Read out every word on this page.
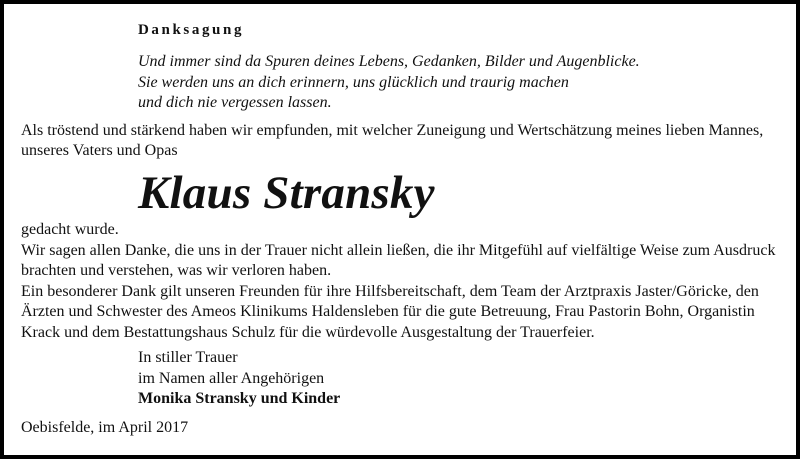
Danksagung
Und immer sind da Spuren deines Lebens, Gedanken, Bilder und Augenblicke.
Sie werden uns an dich erinnern, uns glücklich und traurig machen
und dich nie vergessen lassen.
Als tröstend und stärkend haben wir empfunden, mit welcher Zuneigung und Wertschätzung meines lieben Mannes,
unseres Vaters und Opas
Klaus Stransky
gedacht wurde.
Wir sagen allen Danke, die uns in der Trauer nicht allein ließen, die ihr Mitgefühl auf vielfältige Weise zum Ausdruck
brachten und verstehen, was wir verloren haben.
Ein besonderer Dank gilt unseren Freunden für ihre Hilfsbereitschaft, dem Team der Arztpraxis Jaster/Göricke, den
Ärzten und Schwester des Ameos Klinikums Haldensleben für die gute Betreuung, Frau Pastorin Bohn, Organistin
Krack und dem Bestattungshaus Schulz für die würdevolle Ausgestaltung der Trauerfeier.
In stiller Trauer
im Namen aller Angehörigen
Monika Stransky und Kinder
Oebisfelde, im April 2017
